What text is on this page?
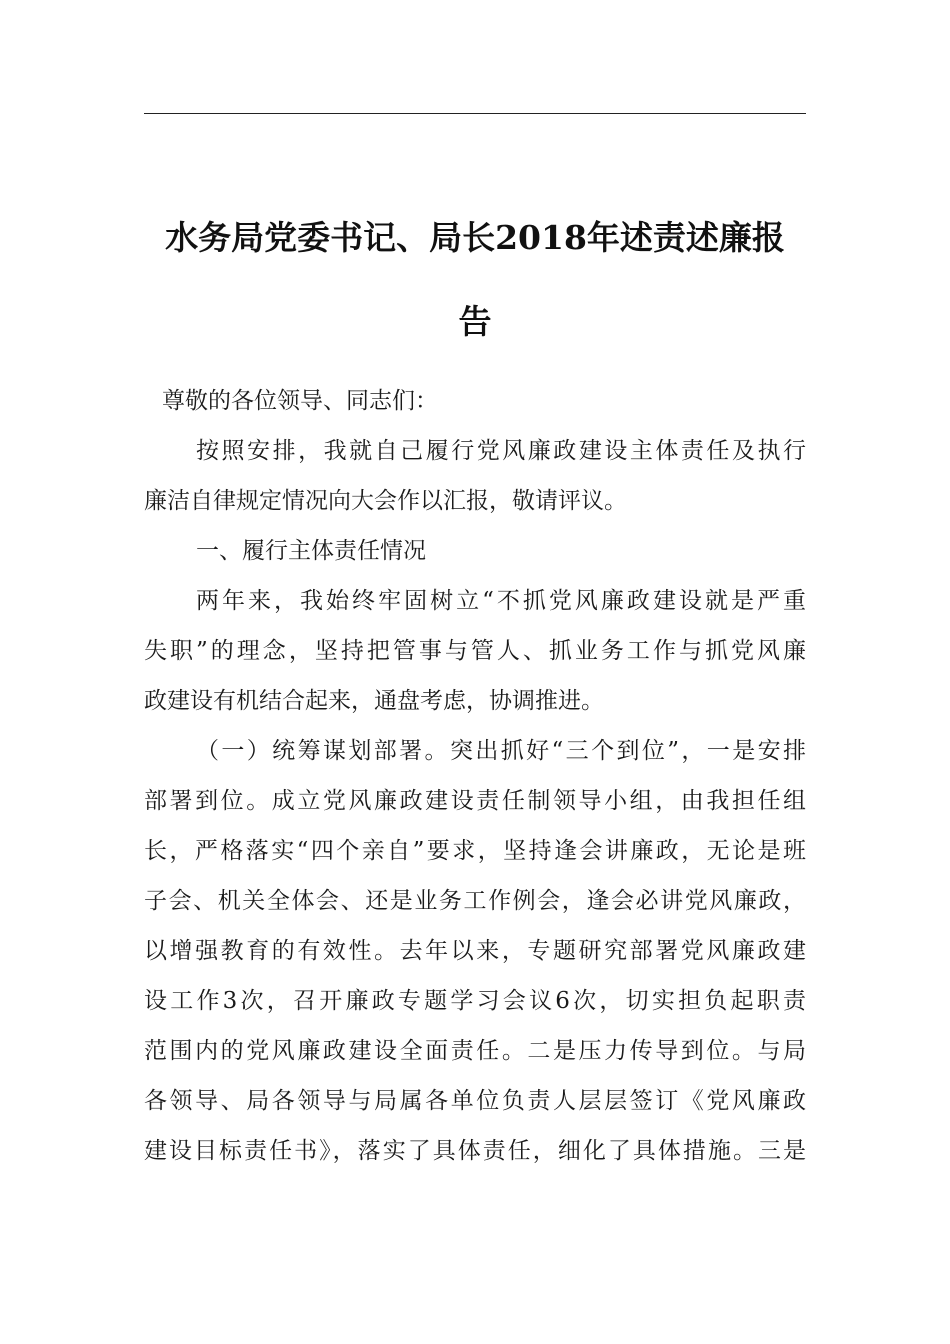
水务局党委书记、局长2018年述责述廉报
告
尊敬的各位领导、同志们：
按照安排，我就自己履行党风廉政建设主体责任及执行
廉洁自律规定情况向大会作以汇报，敬请评议。
一、履行主体责任情况
两年来，我始终牢固树立“不抓党风廉政建设就是严重
失职”的理念，坚持把管事与管人、抓业务工作与抓党风廉
政建设有机结合起来，通盘考虑，协调推进。
（一）统筹谋划部署。突出抓好“三个到位”，一是安排
部署到位。成立党风廉政建设责任制领导小组，由我担任组
长，严格落实“四个亲自”要求，坚持逢会讲廉政，无论是班
子会、机关全体会、还是业务工作例会，逢会必讲党风廉政，
以增强教育的有效性。去年以来，专题研究部署党风廉政建
设工作3次，召开廉政专题学习会议6次，切实担负起职责
范围内的党风廉政建设全面责任。二是压力传导到位。与局
各领导、局各领导与局属各单位负责人层层签订《党风廉政
建设目标责任书》，落实了具体责任，细化了具体措施。三是
